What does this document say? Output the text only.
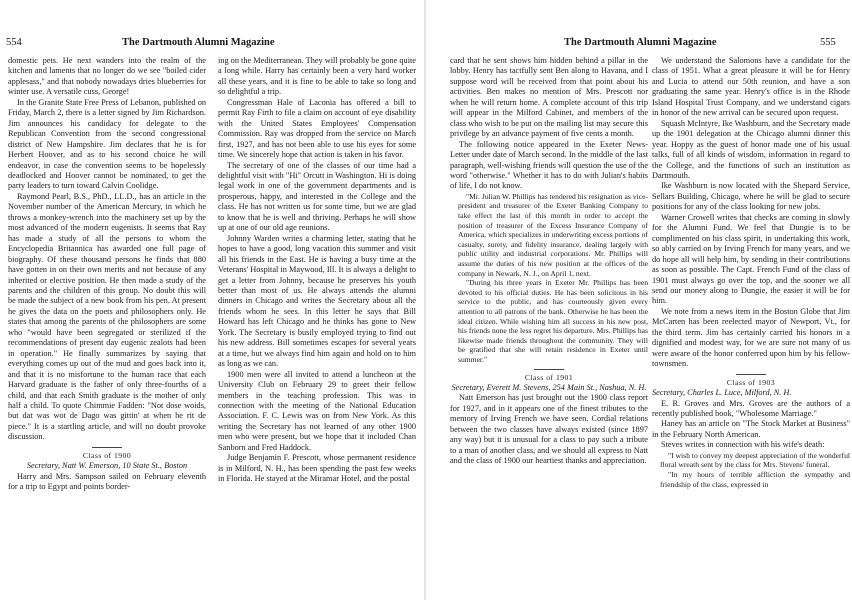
554	The Dartmouth Alumni Magazine

domestic pets. He next wanders into the realm of the kitchen and laments that no longer do we see "boiled cider applesass," and that nobody nowadays dries blueberries for winter use. A versatile cuss, George!

In the Granite State Free Press of Lebanon, published on Friday, March 2, there is a letter signed by Jim Richardson. Jim announces his candidacy for delegate to the Republican Convention from the second congressional district of New Hampshire. Jim declares that he is for Herbert Hoover, and as to his second choice he will endeavor, in case the convention seems to be hopelessly deadlocked and Hoover cannot be nominated, to get the party leaders to turn toward Calvin Coolidge.

Raymond Pearl, B.S., PhD., LL.D., has an article in the November number of the American Mercury, in which he throws a monkey-wrench into the machinery set up by the most advanced of the modern eugenists. It seems that Ray has made a study of all the persons to whom the Encyclopedia Britannica has awarded one full page of biography. Of these thousand persons he finds that 880 have gotten in on their own merits and not because of any inherited or elective position. He then made a study of the parents and the children of this group. No doubt this will be made the subject of a new book from his pen. At present he gives the data on the poets and philosophers only. He states that among the parents of the philosophers are some who "would have been segregated or sterilized if the recommendations of present day eugenic zealots had been in operation." He finally summarizes by saying that everything comes up out of the mud and goes back into it, and that it is no misfortune to the human race that each Harvard graduate is the father of only three-fourths of a child, and that each Smith graduate is the mother of only half a child. To quote Chimmie Fadden: "Not dose woids, but dat was wot de Dago was gittin' at when he rit de piece." It is a startling article, and will no doubt provoke discussion.

Class of 1900

Secretary, Natt W. Emerson, 10 State St., Boston

Harry and Mrs. Sampson sailed on February eleventh for a trip to Egypt and points border-

ing on the Mediterranean. They will probably be gone quite a long while. Harry has certainly been a very hard worker all these years, and it is fine to be able to take so long and so delightful a trip.

Congressman Hale of Laconia has offered a bill to permit Ray Firth to file a claim on account of eye disability with the United States Employees' Compensation Commission. Ray was dropped from the service on March first, 1927, and has not been able to use his eyes for some time. We sincerely hope that action is taken in his favor.

The secretary of one of the classes of our time had a delightful visit with "Hi" Orcutt in Washington. Hi is doing legal work in one of the government departments and is prosperous, happy, and interested in the College and the class. He has not written us for some time, but we are glad to know that he is well and thriving. Perhaps he will show up at one of our old age reunions.

Johnny Warden writes a charming letter, stating that he hopes to have a good, long vacation this summer and visit all his friends in the East. He is having a busy time at the Veterans' Hospital in Maywood, Ill. It is always a delight to get a letter from Johnny, because he preserves his youth better than most of us. He always attends the alumni dinners in Chicago and writes the Secretary about all the friends whom he sees. In this letter he says that Bill Howard has left Chicago and he thinks has gone to New York. The Secretary is busily employed trying to find out his new address. Bill sometimes escapes for several years at a time, but we always find him again and hold on to him as long as we can.

1900 men were all invited to attend a luncheon at the University Club on February 29 to greet their fellow members in the teaching profession. This was in connection with the meeting of the National Education Association. F. C. Lewis was on from New York. As this writing the Secretary has not learned of any other 1900 men who were present, but we hope that it included Chan Sanborn and Fred Haddock.

Judge Benjamin F. Prescott, whose permanent residence is in Milford, N. H., has been spending the past few weeks in Florida. He stayed at the Miramar Hotel, and the postal

The Dartmouth Alumni Magazine	555

card that he sent shows him hidden behind a pillar in the lobby. Henry has tactfully sent Ben along to Havana, and I suppose word will be received from that point about his activities. Ben makes no mention of Mrs. Prescott nor when he will return home. A complete account of this trip will appear in the Milford Cabinet, and members of the class who wish to be put on the mailing list may secure this privilege by an advance payment of five cents a month.

The following notice appeared in the Exeter News-Letter under date of March second. In the middle of the last paragraph, well-wishing friends will question the use of the word "otherwise." Whether it has to do with Julian's habits of life, I do not know.

"Mr. Julian W. Phillips has tendered his resignation as vice-president and treasurer of the Exeter Banking Company to take effect the last of this month in order to accept the position of treasurer of the Excess Insurance Company of America, which specializes in underwriting excess portions of casualty, surety, and fidelity insurance, dealing largely with public utility and industrial corporations. Mr. Phillips will assume the duties of his new position at the offices of the company in Newark, N. J., on April 1, next.

"During his three years in Exeter Mr. Phillips has been devoted to his official duties. He has been solicitous in his service to the public, and has courteously given every attention to all patrons of the bank. Otherwise he has been the ideal citizen. While wishing him all success in his new post, his friends none the less regret his departure. Mrs. Phillips has likewise made friends throughout the community. They will be gratified that she will retain residence in Exeter until summer."

Class of 1901

Secretary, Everett M. Stevens, 254 Main St., Nashua, N. H.

Natt Emerson has just brought out the 1900 class report for 1927, and in it appears one of the finest tributes to the memory of Irving French we have seen. Cordial relations between the two classes have always existed (since 1897 any way) but it is unusual for a class to pay such a tribute to a man of another class, and we should all express to Natt and the class of 1900 our heartiest thanks and appreciation.

We understand the Salomons have a candidate for the class of 1951. What a great pleasure it will be for Henry and Lucia to attend our 50th reunion, and have a son graduating the same year. Henry's office is in the Rhode Island Hospital Trust Company, and we understand cigars in honor of the new arrival can be secured upon request.

Squash McIntyre, Ike Washburn, and the Secretary made up the 1901 delegation at the Chicago alumni dinner this year. Hoppy as the guest of honor made one of his usual talks, full of all kinds of wisdom, information in regard to the College, and the functions of such an institution as Dartmouth.

Ike Washburn is now located with the Shepard Service, Sellars Building, Chicago, where he will be glad to secure positions for any of the class looking for new jobs.

Warner Crowell writes that checks are coming in slowly for the Alumni Fund. We feel that Dungie is to be complimented on his class spirit, in undertaking this work, so ably carried on by Irving French for many years, and we do hope all will help him, by sending in their contributions as soon as possible. The Capt. French Fund of the class of 1901 must always go over the top, and the sooner we all send our money along to Dungie, the easier it will be for him.

We note from a news item in the Boston Globe that Jim McCarten has been reelected mayor of Newport, Vt., for the third term. Jim has certainly carried his honors in a dignified and modest way, for we are sure not many of us were aware of the honor conferred upon him by his fellow-townsmen.

Class of 1903

Secretary, Charles L. Luce, Milford, N. H.

E. R. Groves and Mrs. Groves are the authors of a recently published book, "Wholesome Marriage."

Haney has an article on "The Stock Market at Business" in the February North American.

Steves writes in connection with his wife's death:

"I wish to convey my deepest appreciation of the wonderful floral wreath sent by the class for Mrs. Stevens' funeral.

"In my hours of terrible affliction the sympathy and friendship of the class, expressed in
